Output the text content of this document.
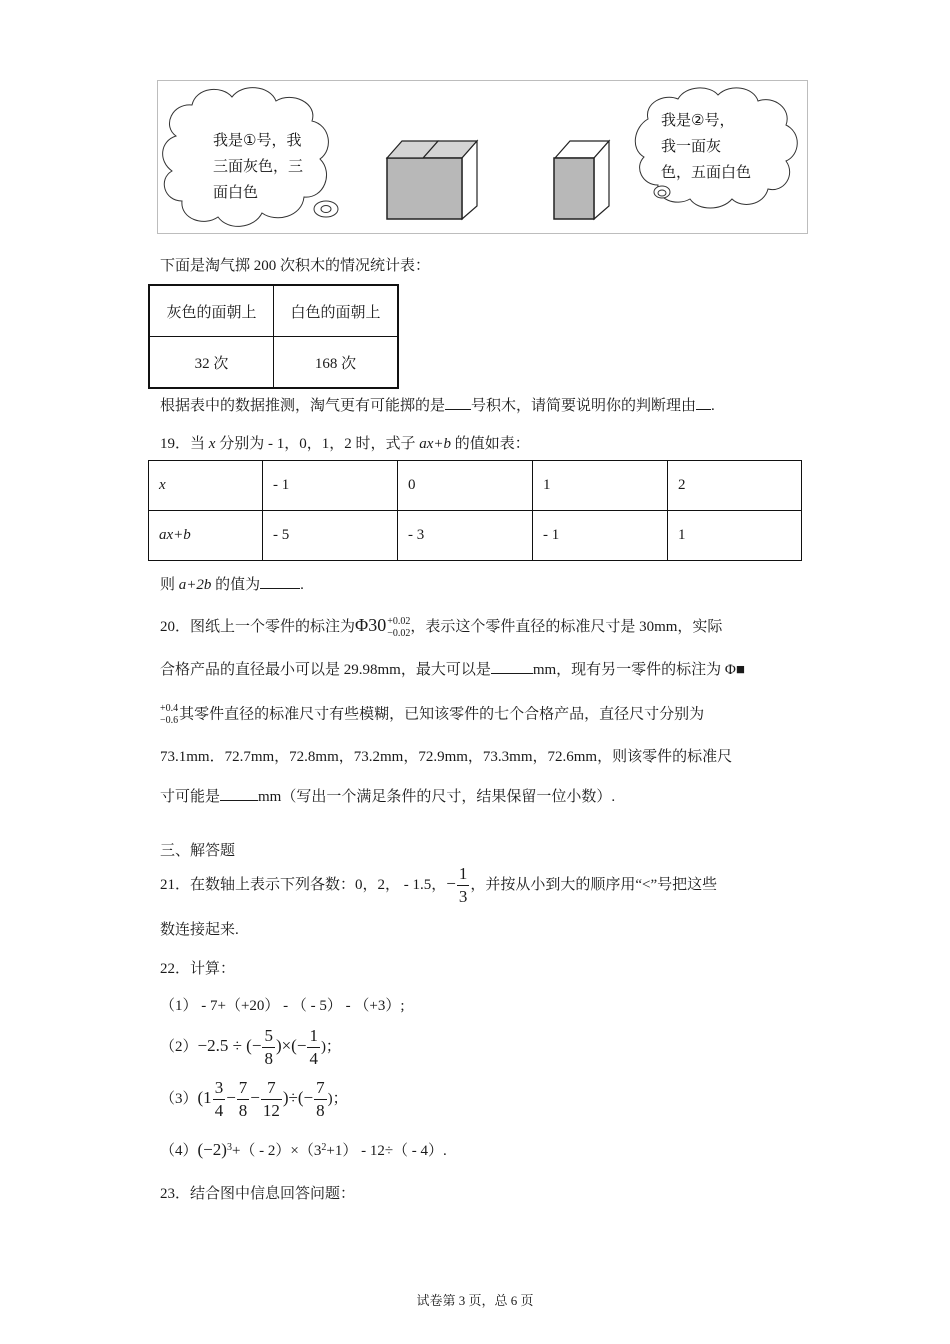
我是①号，我
三面灰色，三
面白色
我是②号，
我一面灰
色，五面白色
下面是淘气掷 200 次积木的情况统计表：
灰色的面朝上	白色的面朝上
32 次	168 次
根据表中的数据推测，淘气更有可能掷的是 号积木，请简要说明你的判断理由 .
19．当 x 分别为 - 1，0，1，2 时，式子 ax+b 的值如表：
x	- 1	0	1	2
ax+b	- 5	- 3	- 1	1
则 a+2b 的值为	.
20．图纸上一个零件的标注为Φ30 +0.02
−0.02 ，表示这个零件直径的标准尺寸是 30mm，实际
合格产品的直径最小可以是 29.98mm，最大可以是	mm，现有另一零件的标注为 Φ■
+0.4
−0.6 其零件直径的标准尺寸有些模糊，已知该零件的七个合格产品，直径尺寸分别为
73.1mm．72.7mm，72.8mm，73.2mm，72.9mm，73.3mm，72.6mm，则该零件的标准尺
寸可能是	mm（写出一个满足条件的尺寸，结果保留一位小数）.
三、解答题
21．在数轴上表示下列各数：0，2， - 1.5，− $\frac{1}{3}$ ，并按从小到大的顺序用“<”号把这些
数连接起来.
22．计算：
（1） - 7+（+20） - （ - 5） - （+3）;
（2）−2.5 ÷ (− $\frac{5}{8}$ )×(− $\frac{1}{4}$ )；
$(3)(1 \frac{3}{4} - \frac{7}{8} - \frac{7}{12}$ )÷(− $\frac{7}{8}$ )；
$(4)(-2)^3+( - 2)\times(3^2+1) - 12\div( - 4)$.
23．结合图中信息回答问题：
试卷第 3 页，总 6 页
